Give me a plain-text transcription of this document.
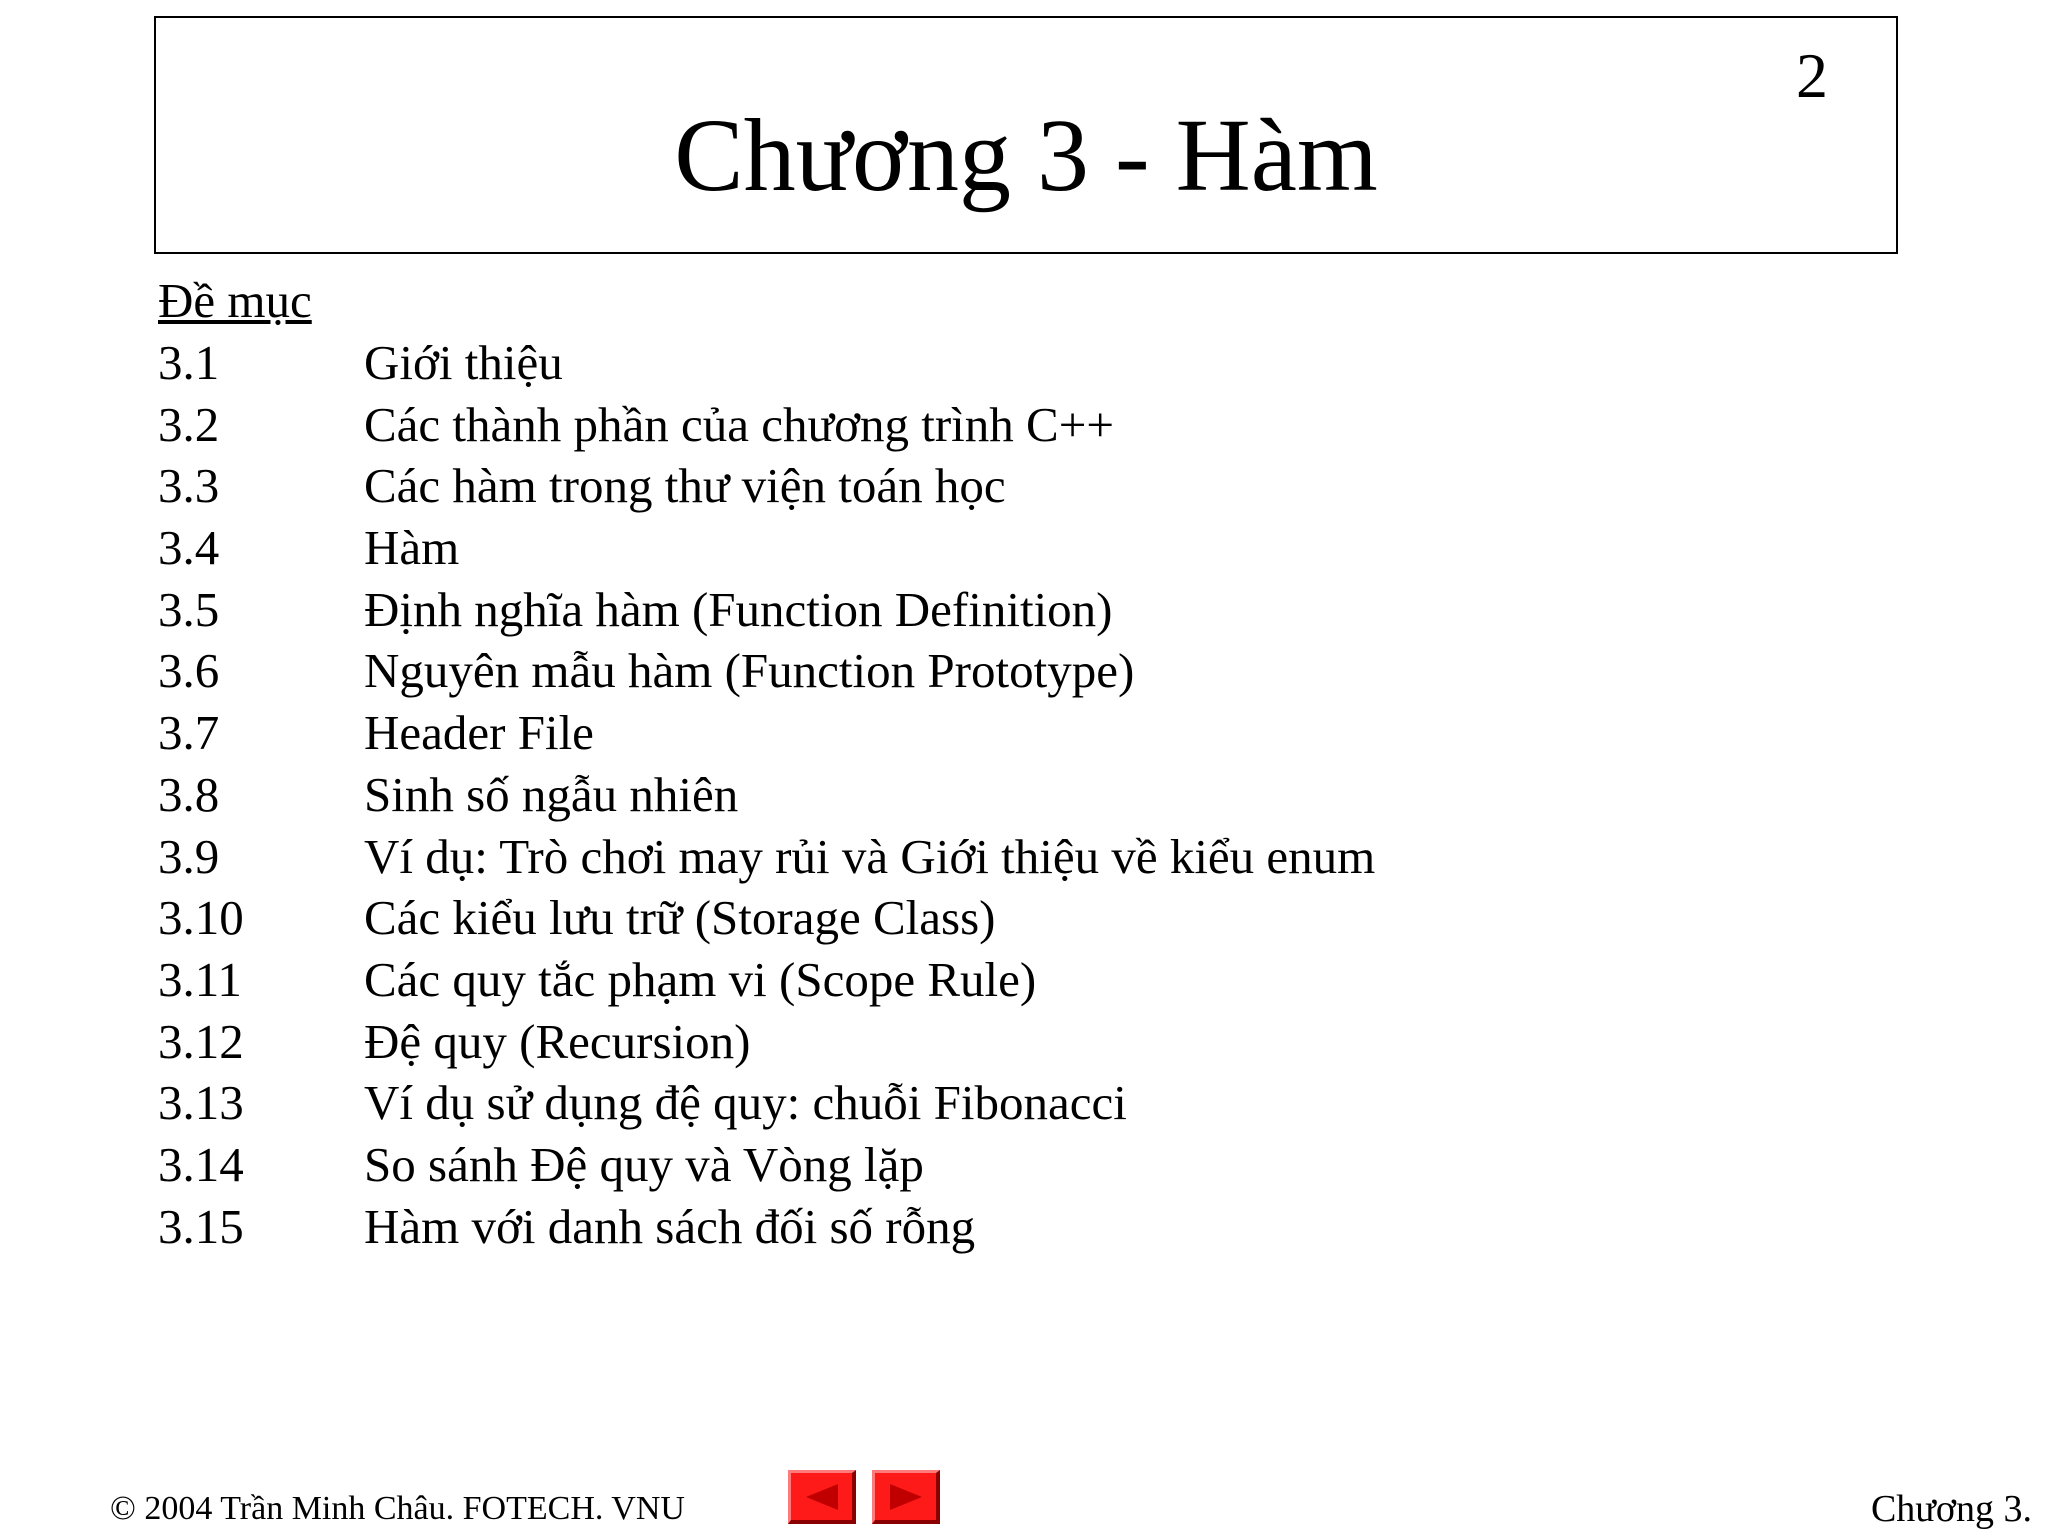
2
Chương 3 - Hàm
Đề mục
3.1	Giới thiệu
3.2	Các thành phần của chương trình C++
3.3	Các hàm trong thư viện toán học
3.4	Hàm
3.5	Định nghĩa hàm (Function Definition)
3.6	Nguyên mẫu hàm (Function Prototype)
3.7	Header File
3.8	Sinh số ngẫu nhiên
3.9	Ví dụ: Trò chơi may rủi và Giới thiệu về kiểu enum
3.10	Các kiểu lưu trữ (Storage Class)
3.11	Các quy tắc phạm vi (Scope Rule)
3.12	Đệ quy (Recursion)
3.13	Ví dụ sử dụng đệ quy: chuỗi Fibonacci
3.14	So sánh Đệ quy và Vòng lặp
3.15	Hàm với danh sách đối số rỗng
© 2004 Trần Minh Châu. FOTECH. VNU	Chương 3.
